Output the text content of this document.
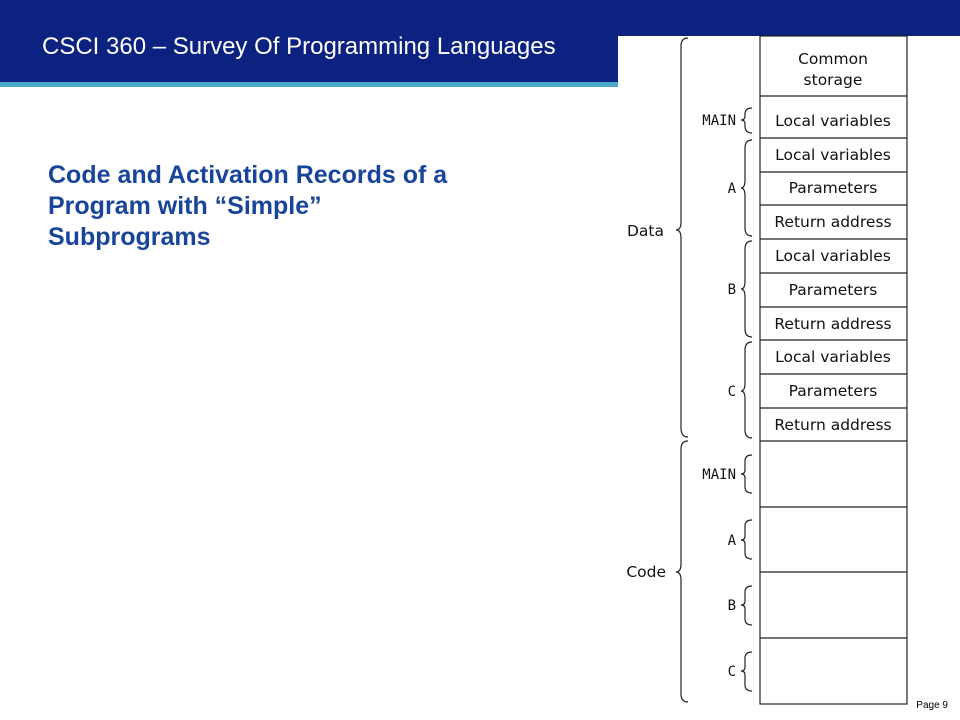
CSCI 360 – Survey Of Programming Languages
Code and Activation Records of a
Program with “Simple”
Subprograms
Common
storage
Local variables
Local variables
Parameters
Return address
Local variables
Parameters
Return address
Local variables
Parameters
Return address
MAIN
A
B
C
MAIN
A
B
C
Data
Code
Page 9
